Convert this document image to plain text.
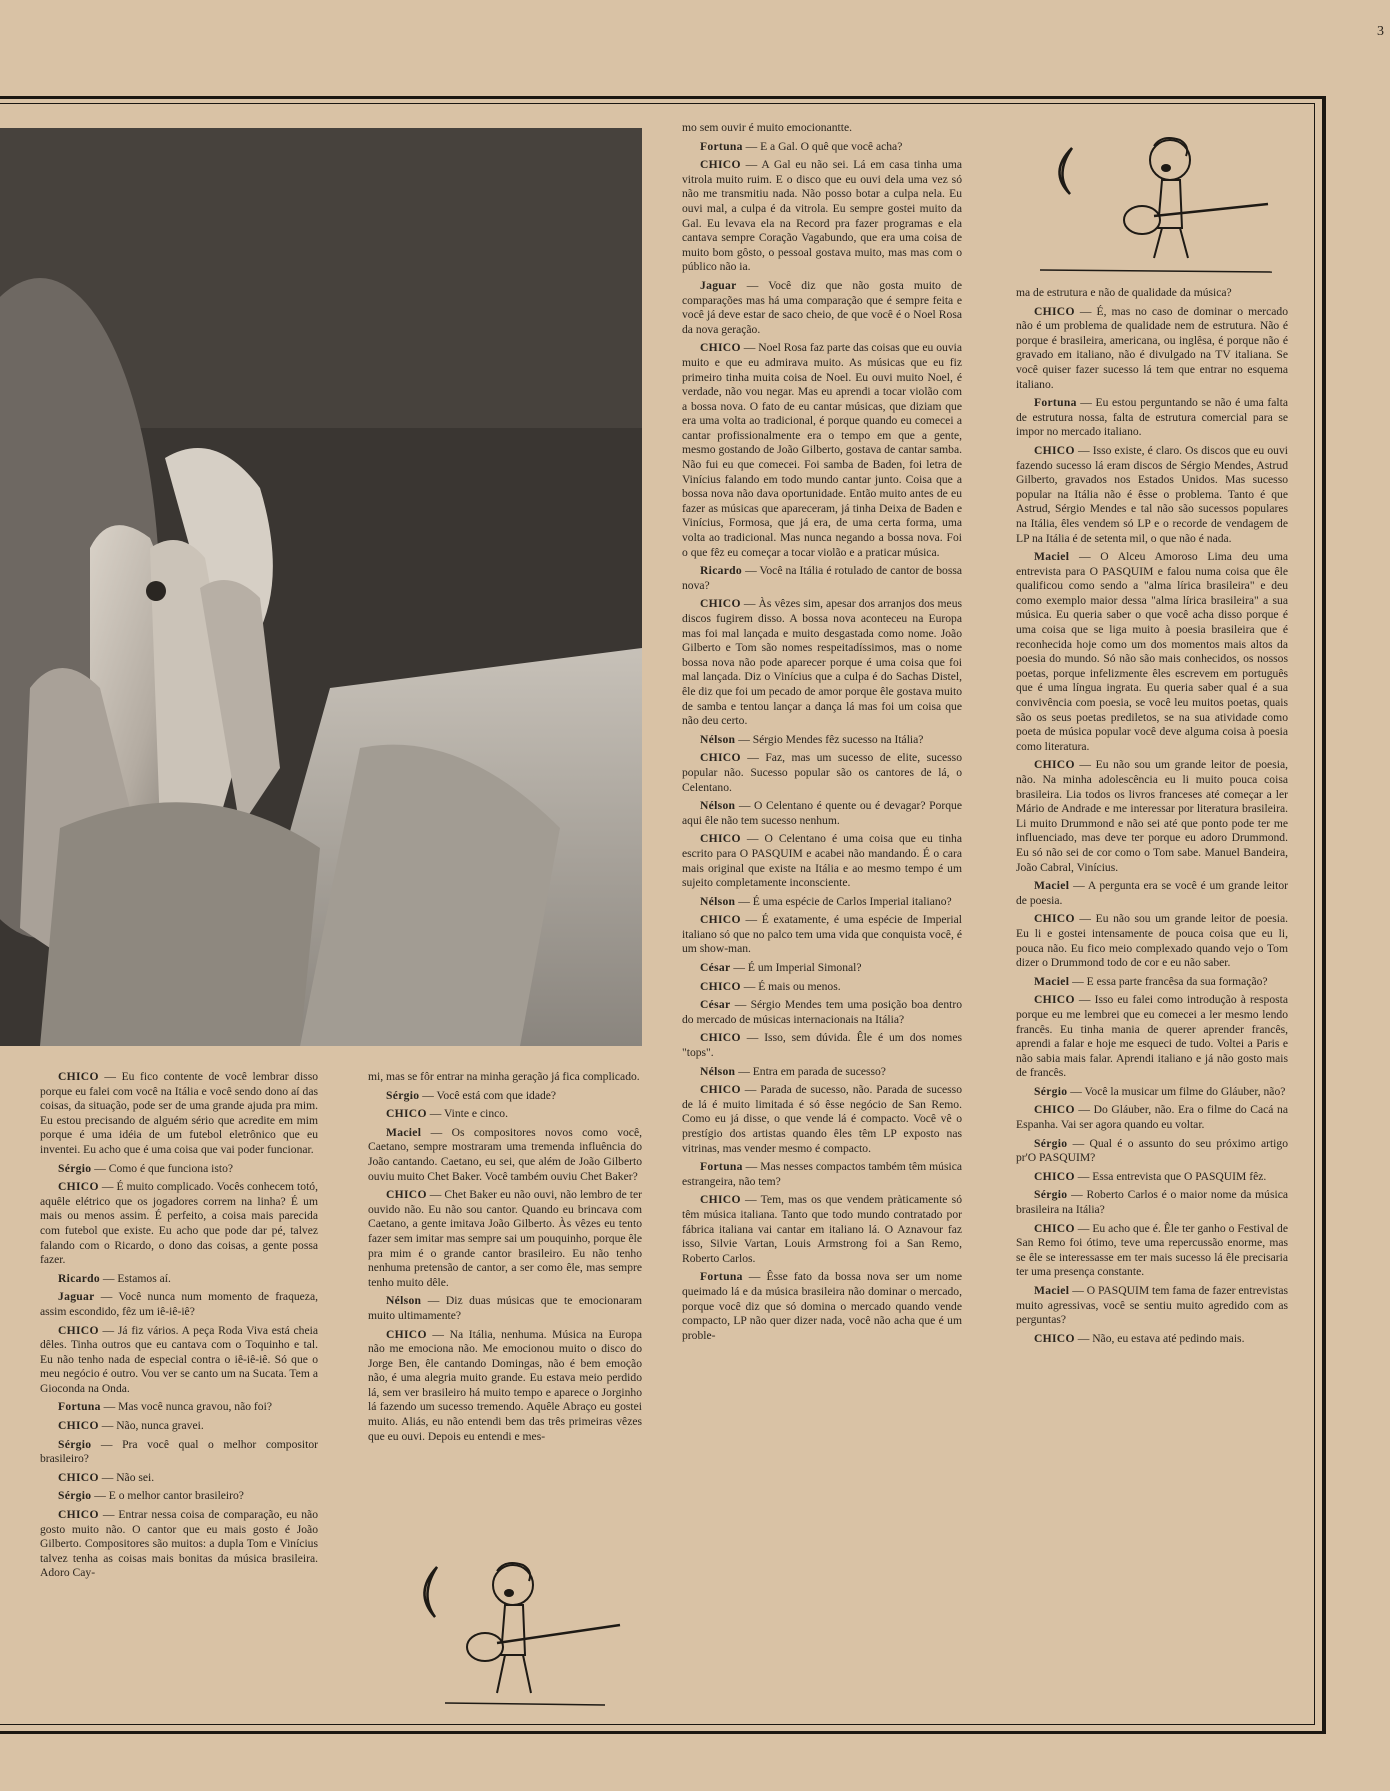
3

CHICO — Eu fico contente de você lembrar disso porque eu falei com você na Itália e você sendo dono aí das coisas, da situação, pode ser de uma grande ajuda pra mim. Eu estou precisando de alguém sério que acredite em mim porque é uma idéia de um futebol eletrônico que eu inventei. Eu acho que é uma coisa que vai poder funcionar.

Sérgio — Como é que funciona isto?

CHICO — É muito complicado. Vocês conhecem totó, aquêle elétrico que os jogadores correm na linha? É um mais ou menos assim. É perfeito, a coisa mais parecida com futebol que existe. Eu acho que pode dar pé, talvez falando com o Ricardo, o dono das coisas, a gente possa fazer.

Ricardo — Estamos aí.

Jaguar — Você nunca num momento de fraqueza, assim escondido, fêz um iê-iê-iê?

CHICO — Já fiz vários. A peça Roda Viva está cheia dêles. Tinha outros que eu cantava com o Toquinho e tal. Eu não tenho nada de especial contra o iê-iê-iê. Só que o meu negócio é outro. Vou ver se canto um na Sucata. Tem a Gioconda na Onda.

Fortuna — Mas você nunca gravou, não foi?

CHICO — Não, nunca gravei.

Sérgio — Pra você qual o melhor compositor brasileiro?

CHICO — Não sei.

Sérgio — E o melhor cantor brasileiro?

CHICO — Entrar nessa coisa de comparação, eu não gosto muito não. O cantor que eu mais gosto é João Gilberto. Compositores são muitos: a dupla Tom e Vinícius talvez tenha as coisas mais bonitas da música brasileira. Adoro Cay-

mi, mas se fôr entrar na minha geração já fica complicado.

Sérgio — Você está com que idade?

CHICO — Vinte e cinco.

Maciel — Os compositores novos como você, Caetano, sempre mostraram uma tremenda influência do João cantando. Caetano, eu sei, que além de João Gilberto ouviu muito Chet Baker. Você também ouviu Chet Baker?

CHICO — Chet Baker eu não ouvi, não lembro de ter ouvido não. Eu não sou cantor. Quando eu brincava com Caetano, a gente imitava João Gilberto. Às vêzes eu tento fazer sem imitar mas sempre sai um pouquinho, porque êle pra mim é o grande cantor brasileiro. Eu não tenho nenhuma pretensão de cantor, a ser como êle, mas sempre tenho muito dêle.

Nélson — Diz duas músicas que te emocionaram muito ultimamente?

CHICO — Na Itália, nenhuma. Música na Europa não me emociona não. Me emocionou muito o disco do Jorge Ben, êle cantando Domingas, não é bem emoção não, é uma alegria muito grande. Eu estava meio perdido lá, sem ver brasileiro há muito tempo e aparece o Jorginho lá fazendo um sucesso tremendo. Aquêle Abraço eu gostei muito. Aliás, eu não entendi bem das três primeiras vêzes que eu ouvi. Depois eu entendi e mes-

mo sem ouvir é muito emocionantte.

Fortuna — E a Gal. O quê que você acha?

CHICO — A Gal eu não sei. Lá em casa tinha uma vitrola muito ruim. E o disco que eu ouvi dela uma vez só não me transmitiu nada. Não posso botar a culpa nela. Eu ouvi mal, a culpa é da vitrola. Eu sempre gostei muito da Gal. Eu levava ela na Record pra fazer programas e ela cantava sempre Coração Vagabundo, que era uma coisa de muito bom gôsto, o pessoal gostava muito, mas mas com o público não ia.

Jaguar — Você diz que não gosta muito de comparações mas há uma comparação que é sempre feita e você já deve estar de saco cheio, de que você é o Noel Rosa da nova geração.

CHICO — Noel Rosa faz parte das coisas que eu ouvia muito e que eu admirava muito. As músicas que eu fiz primeiro tinha muita coisa de Noel. Eu ouvi muito Noel, é verdade, não vou negar. Mas eu aprendi a tocar violão com a bossa nova. O fato de eu cantar músicas, que diziam que era uma volta ao tradicional, é porque quando eu comecei a cantar profissionalmente era o tempo em que a gente, mesmo gostando de João Gilberto, gostava de cantar samba. Não fui eu que comecei. Foi samba de Baden, foi letra de Vinícius falando em todo mundo cantar junto. Coisa que a bossa nova não dava oportunidade. Então muito antes de eu fazer as músicas que apareceram, já tinha Deixa de Baden e Vinícius, Formosa, que já era, de uma certa forma, uma volta ao tradicional. Mas nunca negando a bossa nova. Foi o que fêz eu começar a tocar violão e a praticar música.

Ricardo — Você na Itália é rotulado de cantor de bossa nova?

CHICO — Às vêzes sim, apesar dos arranjos dos meus discos fugirem disso. A bossa nova aconteceu na Europa mas foi mal lançada e muito desgastada como nome. João Gilberto e Tom são nomes respeitadíssimos, mas o nome bossa nova não pode aparecer porque é uma coisa que foi mal lançada. Diz o Vinícius que a culpa é do Sachas Distel, êle diz que foi um pecado de amor porque êle gostava muito de samba e tentou lançar a dança lá mas foi um coisa que não deu certo.

Nélson — Sérgio Mendes fêz sucesso na Itália?

CHICO — Faz, mas um sucesso de elite, sucesso popular não. Sucesso popular são os cantores de lá, o Celentano.

Nélson — O Celentano é quente ou é devagar? Porque aqui êle não tem sucesso nenhum.

CHICO — O Celentano é uma coisa que eu tinha escrito para O PASQUIM e acabei não mandando. É o cara mais original que existe na Itália e ao mesmo tempo é um sujeito completamente inconsciente.

Nélson — É uma espécie de Carlos Imperial italiano?

CHICO — É exatamente, é uma espécie de Imperial italiano só que no palco tem uma vida que conquista você, é um show-man.

César — É um Imperial Simonal?

CHICO — É mais ou menos.

César — Sérgio Mendes tem uma posição boa dentro do mercado de músicas internacionais na Itália?

CHICO — Isso, sem dúvida. Êle é um dos nomes "tops".

Nélson — Entra em parada de sucesso?

CHICO — Parada de sucesso, não. Parada de sucesso de lá é muito limitada é só êsse negócio de San Remo. Como eu já disse, o que vende lá é compacto. Você vê o prestígio dos artistas quando êles têm LP exposto nas vitrinas, mas vender mesmo é compacto.

Fortuna — Mas nesses compactos também têm música estrangeira, não tem?

CHICO — Tem, mas os que vendem pràticamente só têm música italiana. Tanto que todo mundo contratado por fábrica italiana vai cantar em italiano lá. O Aznavour faz isso, Silvie Vartan, Louis Armstrong foi a San Remo, Roberto Carlos.

Fortuna — Êsse fato da bossa nova ser um nome queimado lá e da música brasileira não dominar o mercado, porque você diz que só domina o mercado quando vende compacto, LP não quer dizer nada, você não acha que é um proble-

ma de estrutura e não de qualidade da música?

CHICO — É, mas no caso de dominar o mercado não é um problema de qualidade nem de estrutura. Não é porque é brasileira, americana, ou inglêsa, é porque não é gravado em italiano, não é divulgado na TV italiana. Se você quiser fazer sucesso lá tem que entrar no esquema italiano.

Fortuna — Eu estou perguntando se não é uma falta de estrutura nossa, falta de estrutura comercial para se impor no mercado italiano.

CHICO — Isso existe, é claro. Os discos que eu ouvi fazendo sucesso lá eram discos de Sérgio Mendes, Astrud Gilberto, gravados nos Estados Unidos. Mas sucesso popular na Itália não é êsse o problema. Tanto é que Astrud, Sérgio Mendes e tal não são sucessos populares na Itália, êles vendem só LP e o recorde de vendagem de LP na Itália é de setenta mil, o que não é nada.

Maciel — O Alceu Amoroso Lima deu uma entrevista para O PASQUIM e falou numa coisa que êle qualificou como sendo a "alma lírica brasileira" e deu como exemplo maior dessa "alma lírica brasileira" a sua música. Eu queria saber o que você acha disso porque é uma coisa que se liga muito à poesia brasileira que é reconhecida hoje como um dos momentos mais altos da poesia do mundo. Só não são mais conhecidos, os nossos poetas, porque infelizmente êles escrevem em português que é uma língua ingrata. Eu queria saber qual é a sua convivência com poesia, se você leu muitos poetas, quais são os seus poetas prediletos, se na sua atividade como poeta de música popular você deve alguma coisa à poesia como literatura.

CHICO — Eu não sou um grande leitor de poesia, não. Na minha adolescência eu li muito pouca coisa brasileira. Lia todos os livros franceses até começar a ler Mário de Andrade e me interessar por literatura brasileira. Li muito Drummond e não sei até que ponto pode ter me influenciado, mas deve ter porque eu adoro Drummond. Eu só não sei de cor como o Tom sabe. Manuel Bandeira, João Cabral, Vinícius.

Maciel — A pergunta era se você é um grande leitor de poesia.

CHICO — Eu não sou um grande leitor de poesia. Eu li e gostei intensamente de pouca coisa que eu li, pouca não. Eu fico meio complexado quando vejo o Tom dizer o Drummond todo de cor e eu não saber.

Maciel — E essa parte francêsa da sua formação?

CHICO — Isso eu falei como introdução à resposta porque eu me lembrei que eu comecei a ler mesmo lendo francês. Eu tinha mania de querer aprender francês, aprendi a falar e hoje me esqueci de tudo. Voltei a Paris e não sabia mais falar. Aprendi italiano e já não gosto mais de francês.

Sérgio — Você la musicar um filme do Gláuber, não?

CHICO — Do Gláuber, não. Era o filme do Cacá na Espanha. Vai ser agora quando eu voltar.

Sérgio — Qual é o assunto do seu próximo artigo pr'O PASQUIM?

CHICO — Essa entrevista que O PASQUIM fêz.

Sérgio — Roberto Carlos é o maior nome da música brasileira na Itália?

CHICO — Eu acho que é. Êle ter ganho o Festival de San Remo foi ótimo, teve uma repercussão enorme, mas se êle se interessasse em ter mais sucesso lá êle precisaria ter uma presença constante.

Maciel — O PASQUIM tem fama de fazer entrevistas muito agressivas, você se sentiu muito agredido com as perguntas?

CHICO — Não, eu estava até pedindo mais.
